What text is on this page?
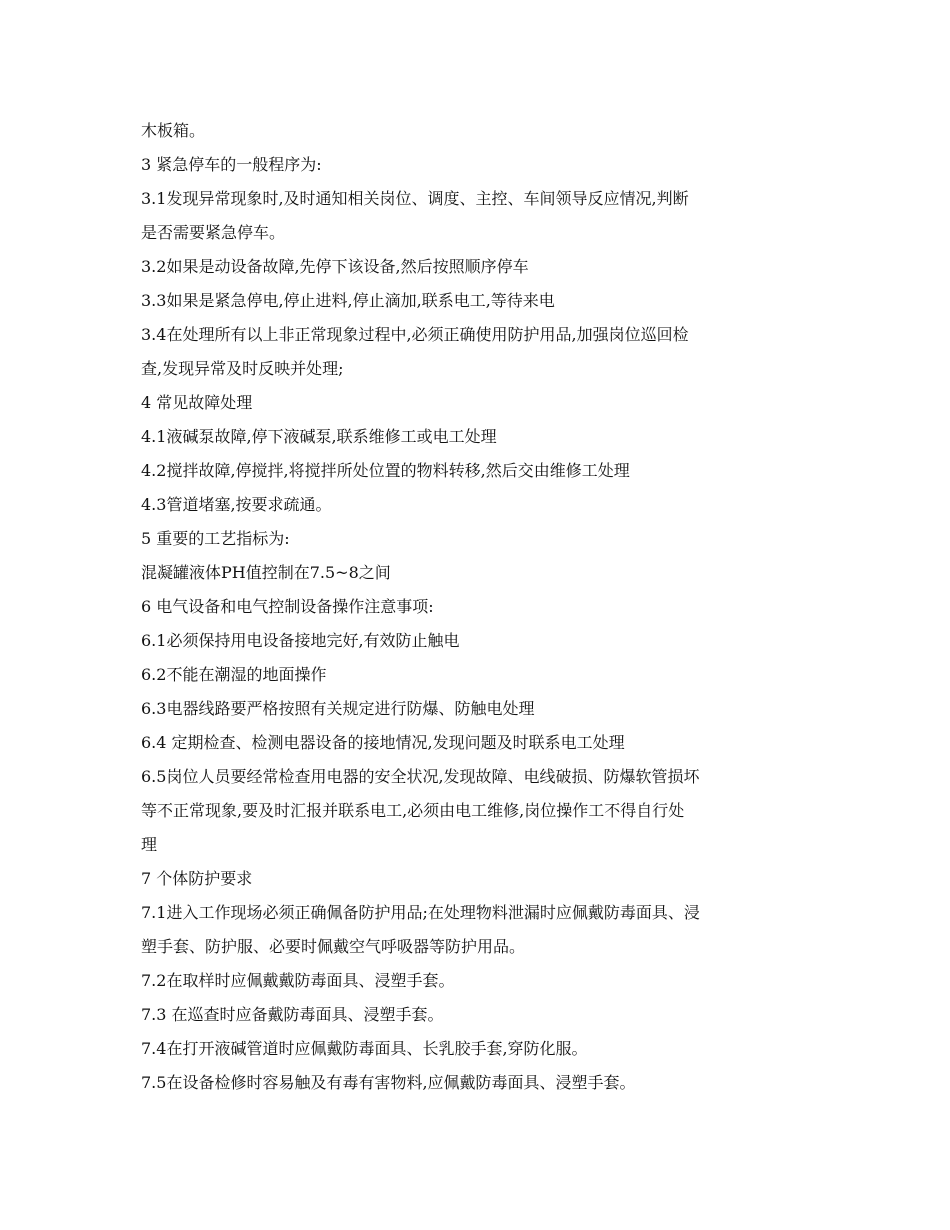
木板箱。
3 紧急停车的一般程序为:
3.1发现异常现象时,及时通知相关岗位、调度、主控、车间领导反应情况,判断
是否需要紧急停车。
3.2如果是动设备故障,先停下该设备,然后按照顺序停车
3.3如果是紧急停电,停止进料,停止滴加,联系电工,等待来电
3.4在处理所有以上非正常现象过程中,必须正确使用防护用品,加强岗位巡回检
查,发现异常及时反映并处理;
4 常见故障处理
4.1液碱泵故障,停下液碱泵,联系维修工或电工处理
4.2搅拌故障,停搅拌,将搅拌所处位置的物料转移,然后交由维修工处理
4.3管道堵塞,按要求疏通。
5 重要的工艺指标为:
混凝罐液体PH值控制在7.5~8之间
6 电气设备和电气控制设备操作注意事项:
6.1必须保持用电设备接地完好,有效防止触电
6.2不能在潮湿的地面操作
6.3电器线路要严格按照有关规定进行防爆、防触电处理
6.4 定期检查、检测电器设备的接地情况,发现问题及时联系电工处理
6.5岗位人员要经常检查用电器的安全状况,发现故障、电线破损、防爆软管损坏
等不正常现象,要及时汇报并联系电工,必须由电工维修,岗位操作工不得自行处
理
7 个体防护要求
7.1进入工作现场必须正确佩备防护用品;在处理物料泄漏时应佩戴防毒面具、浸
塑手套、防护服、必要时佩戴空气呼吸器等防护用品。
7.2在取样时应佩戴戴防毒面具、浸塑手套。
7.3 在巡查时应备戴防毒面具、浸塑手套。
7.4在打开液碱管道时应佩戴防毒面具、长乳胶手套,穿防化服。
7.5在设备检修时容易触及有毒有害物料,应佩戴防毒面具、浸塑手套。
